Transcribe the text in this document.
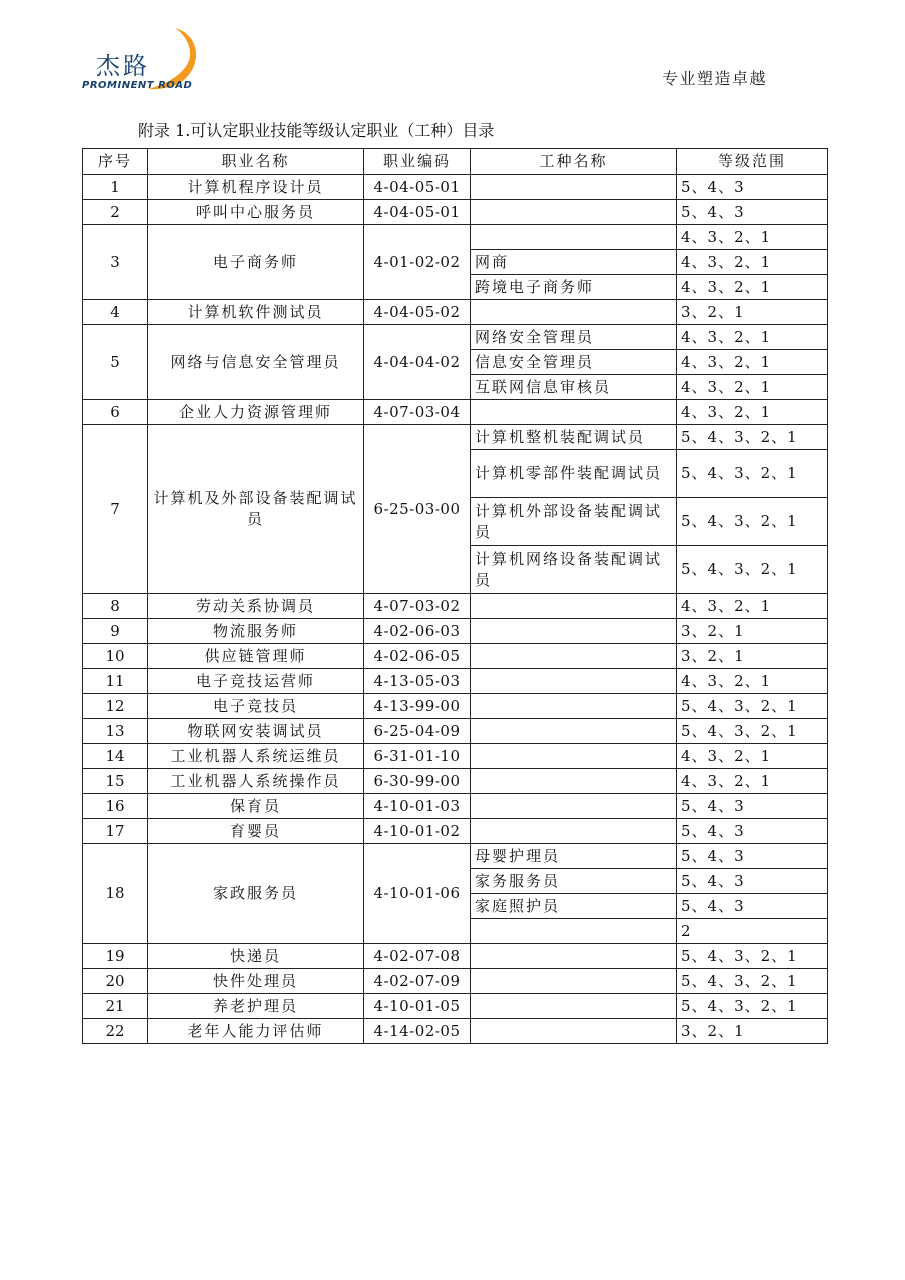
杰路
PROMINENT ROAD	专业塑造卓越
附录 1.可认定职业技能等级认定职业（工种）目录
序号	职业名称	职业编码	工种名称	等级范围
1	计算机程序设计员	4-04-05-01		5、4、3
2	呼叫中心服务员	4-04-05-01		5、4、3
3	电子商务师	4-01-02-02		4、3、2、1
			网商	4、3、2、1
			跨境电子商务师	4、3、2、1
4	计算机软件测试员	4-04-05-02		3、2、1
5	网络与信息安全管理员	4-04-04-02	网络安全管理员	4、3、2、1
			信息安全管理员	4、3、2、1
			互联网信息审核员	4、3、2、1
6	企业人力资源管理师	4-07-03-04		4、3、2、1
7	计算机及外部设备装配调试员	6-25-03-00	计算机整机装配调试员	5、4、3、2、1
			计算机零部件装配调试员	5、4、3、2、1
			计算机外部设备装配调试员	5、4、3、2、1
			计算机网络设备装配调试员	5、4、3、2、1
8	劳动关系协调员	4-07-03-02		4、3、2、1
9	物流服务师	4-02-06-03		3、2、1
10	供应链管理师	4-02-06-05		3、2、1
11	电子竞技运营师	4-13-05-03		4、3、2、1
12	电子竞技员	4-13-99-00		5、4、3、2、1
13	物联网安装调试员	6-25-04-09		5、4、3、2、1
14	工业机器人系统运维员	6-31-01-10		4、3、2、1
15	工业机器人系统操作员	6-30-99-00		4、3、2、1
16	保育员	4-10-01-03		5、4、3
17	育婴员	4-10-01-02		5、4、3
18	家政服务员	4-10-01-06	母婴护理员	5、4、3
			家务服务员	5、4、3
			家庭照护员	5、4、3
				2
19	快递员	4-02-07-08		5、4、3、2、1
20	快件处理员	4-02-07-09		5、4、3、2、1
21	养老护理员	4-10-01-05		5、4、3、2、1
22	老年人能力评估师	4-14-02-05		3、2、1
